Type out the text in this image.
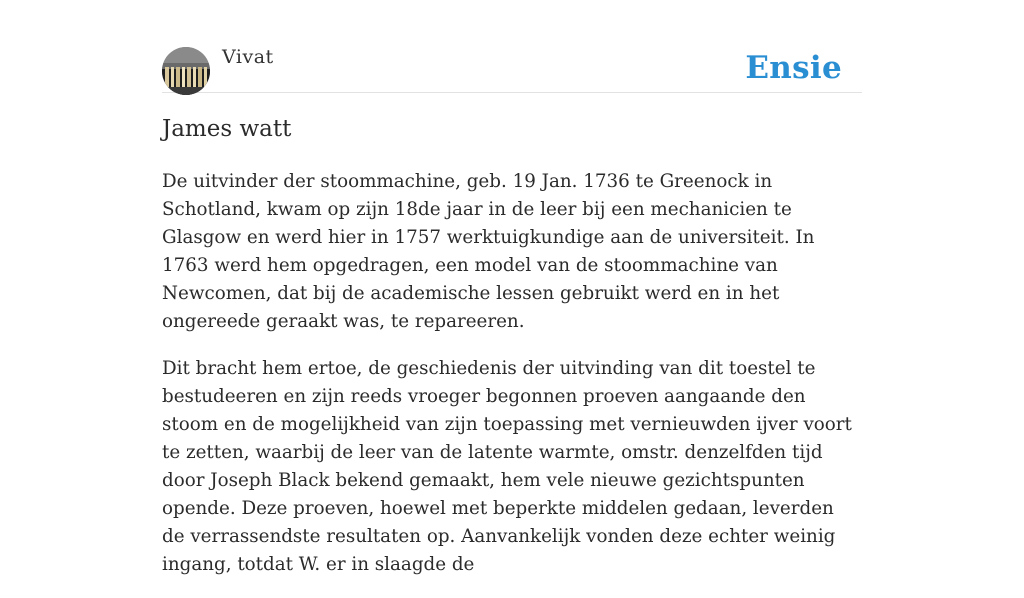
Vivat	Ensie
James watt

De uitvinder der stoommachine, geb. 19 Jan. 1736 te Greenock in Schotland, kwam op zijn 18de jaar in de leer bij een mechanicien te Glasgow en werd hier in 1757 werktuigkundige aan de universiteit. In 1763 werd hem opgedragen, een model van de stoommachine van Newcomen, dat bij de academische lessen gebruikt werd en in het ongereede geraakt was, te repareeren.

Dit bracht hem ertoe, de geschiedenis der uitvinding van dit toestel te bestudeeren en zijn reeds vroeger begonnen proeven aangaande den stoom en de mogelijkheid van zijn toepassing met vernieuwden ijver voort te zetten, waarbij de leer van de latente warmte, omstr. denzelfden tijd door Joseph Black bekend gemaakt, hem vele nieuwe gezichtspunten opende. Deze proeven, hoewel met beperkte middelen gedaan, leverden de verrassendste resultaten op. Aanvankelijk vonden deze echter weinig ingang, totdat W. er in slaagde de
